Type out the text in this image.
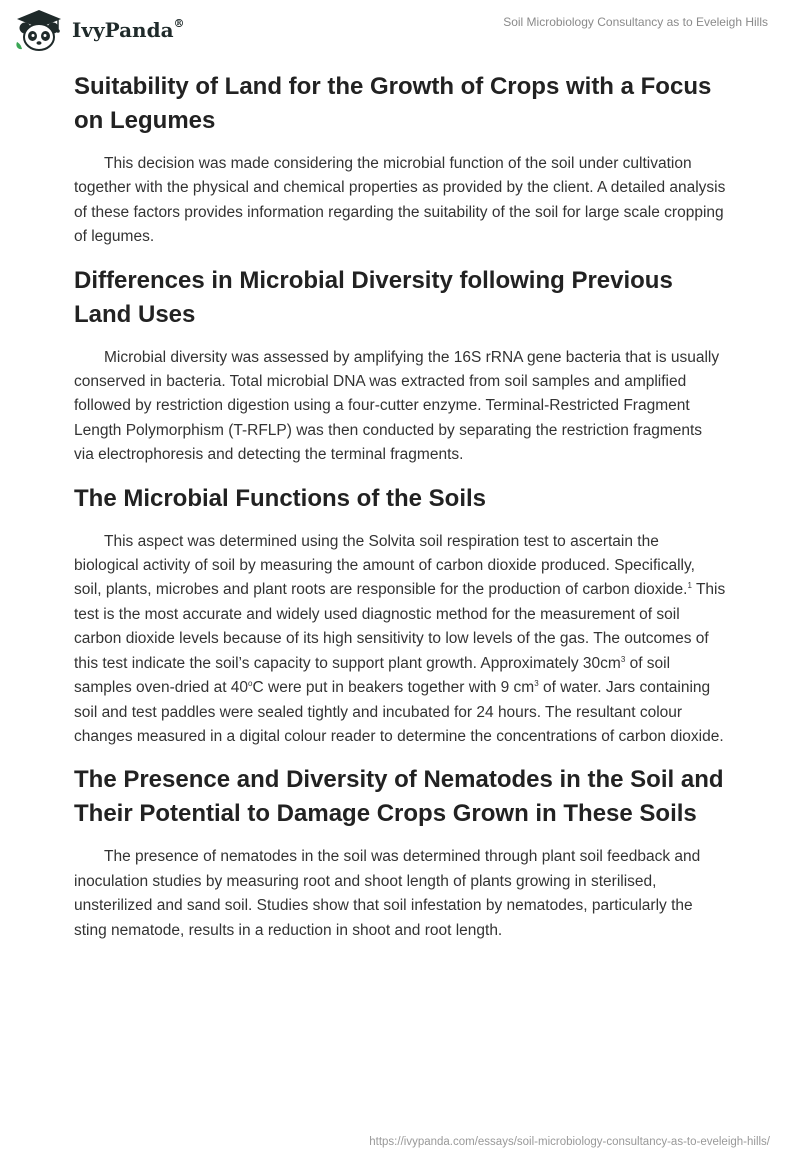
IvyPanda®	Soil Microbiology Consultancy as to Eveleigh Hills
Suitability of Land for the Growth of Crops with a Focus on Legumes

This decision was made considering the microbial function of the soil under cultivation together with the physical and chemical properties as provided by the client. A detailed analysis of these factors provides information regarding the suitability of the soil for large scale cropping of legumes.

Differences in Microbial Diversity following Previous Land Uses

Microbial diversity was assessed by amplifying the 16S rRNA gene bacteria that is usually conserved in bacteria. Total microbial DNA was extracted from soil samples and amplified followed by restriction digestion using a four-cutter enzyme. Terminal-Restricted Fragment Length Polymorphism (T-RFLP) was then conducted by separating the restriction fragments via electrophoresis and detecting the terminal fragments.

The Microbial Functions of the Soils

This aspect was determined using the Solvita soil respiration test to ascertain the biological activity of soil by measuring the amount of carbon dioxide produced. Specifically, soil, plants, microbes and plant roots are responsible for the production of carbon dioxide.$^1$ This test is the most accurate and widely used diagnostic method for the measurement of soil carbon dioxide levels because of its high sensitivity to low levels of the gas. The outcomes of this test indicate the soil’s capacity to support plant growth. Approximately 30cm$^3$ of soil samples oven-dried at 40$^o$C were put in beakers together with 9 cm$^3$ of water. Jars containing soil and test paddles were sealed tightly and incubated for 24 hours. The resultant colour changes measured in a digital colour reader to determine the concentrations of carbon dioxide.

The Presence and Diversity of Nematodes in the Soil and Their Potential to Damage Crops Grown in These Soils

The presence of nematodes in the soil was determined through plant soil feedback and inoculation studies by measuring root and shoot length of plants growing in sterilised, unsterilized and sand soil. Studies show that soil infestation by nematodes, particularly the sting nematode, results in a reduction in shoot and root length.

https://ivypanda.com/essays/soil-microbiology-consultancy-as-to-eveleigh-hills/
